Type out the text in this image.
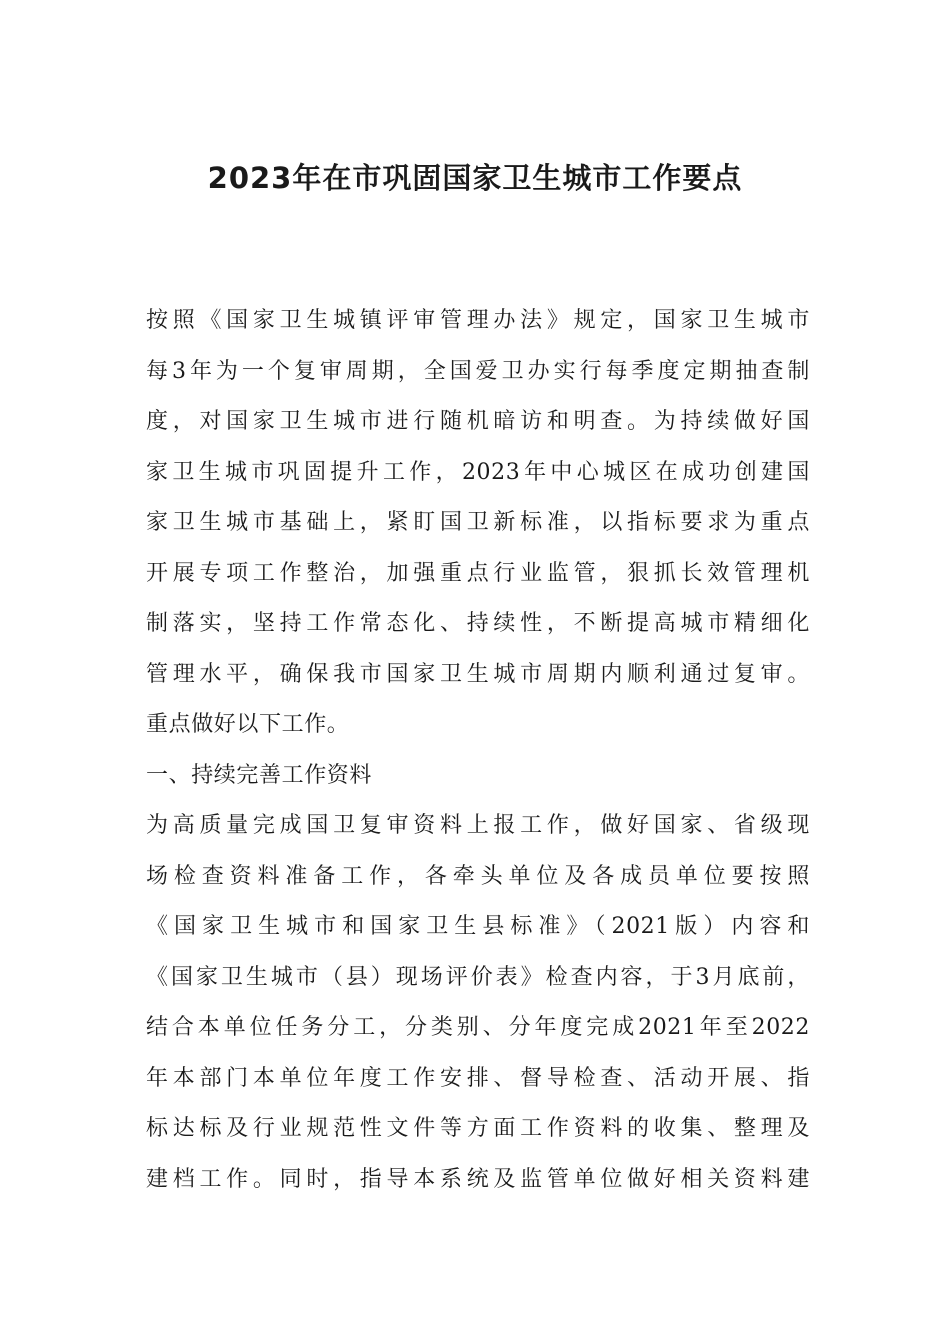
2023年在市巩固国家卫生城市工作要点
按照《国家卫生城镇评审管理办法》规定，国家卫生城市
每3年为一个复审周期，全国爱卫办实行每季度定期抽查制
度，对国家卫生城市进行随机暗访和明查。为持续做好国
家卫生城市巩固提升工作，2023年中心城区在成功创建国
家卫生城市基础上，紧盯国卫新标准，以指标要求为重点
开展专项工作整治，加强重点行业监管，狠抓长效管理机
制落实，坚持工作常态化、持续性，不断提高城市精细化
管理水平，确保我市国家卫生城市周期内顺利通过复审。
重点做好以下工作。
一、持续完善工作资料
为高质量完成国卫复审资料上报工作，做好国家、省级现
场检查资料准备工作，各牵头单位及各成员单位要按照
《国家卫生城市和国家卫生县标准》（2021版）内容和
《国家卫生城市（县）现场评价表》检查内容，于3月底前，
结合本单位任务分工，分类别、分年度完成2021年至2022
年本部门本单位年度工作安排、督导检查、活动开展、指
标达标及行业规范性文件等方面工作资料的收集、整理及
建档工作。同时，指导本系统及监管单位做好相关资料建
